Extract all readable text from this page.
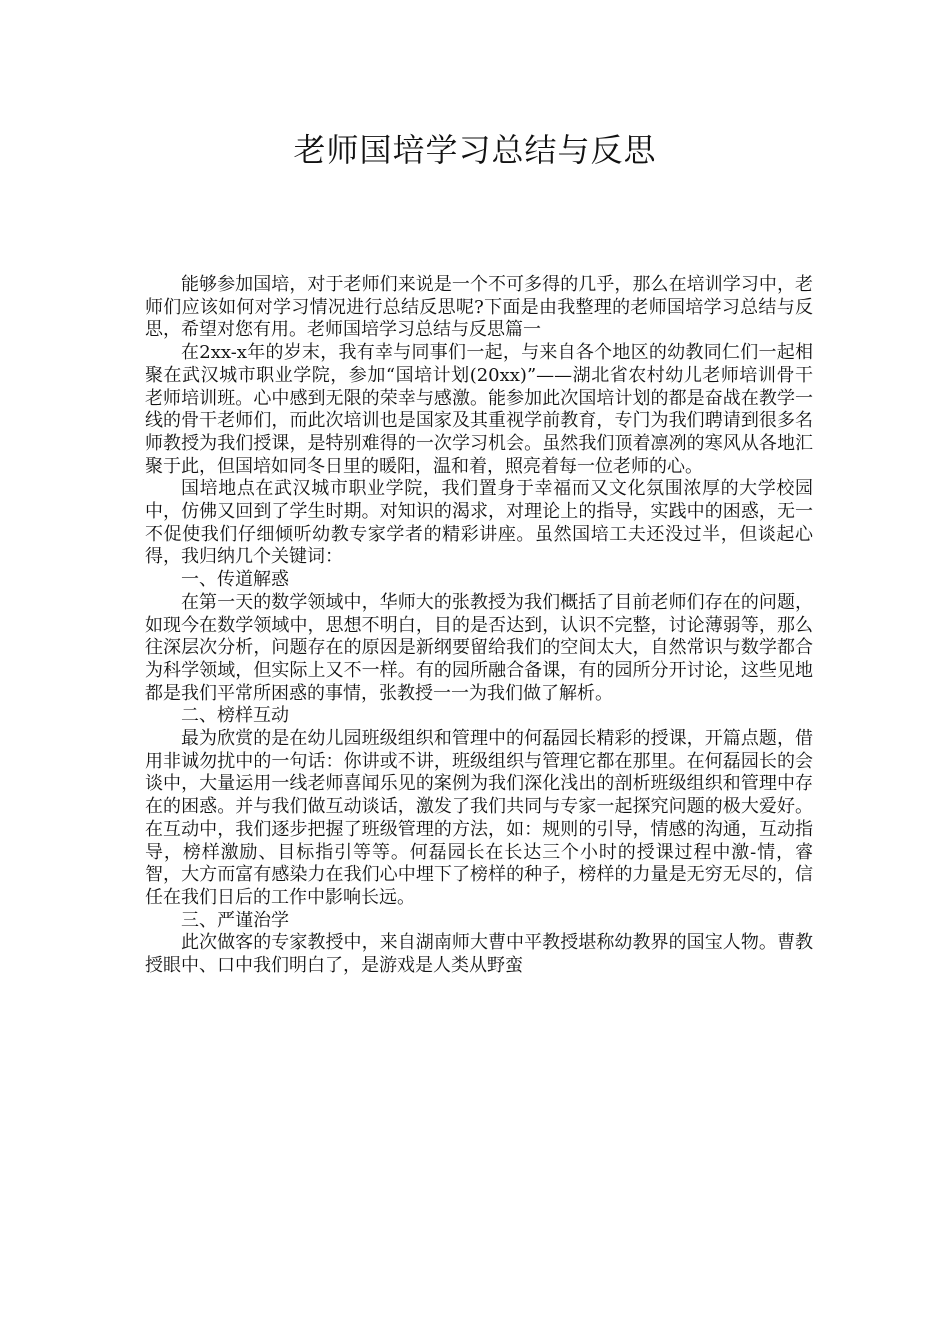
老师国培学习总结与反思

能够参加国培，对于老师们来说是一个不可多得的几乎，那么在培训学习中，老师们应该如何对学习情况进行总结反思呢?下面是由我整理的老师国培学习总结与反思，希望对您有用。老师国培学习总结与反思篇一

在2xx-x年的岁末，我有幸与同事们一起，与来自各个地区的幼教同仁们一起相聚在武汉城市职业学院，参加“国培计划(20xx)”——湖北省农村幼儿老师培训骨干老师培训班。心中感到无限的荣幸与感激。能参加此次国培计划的都是奋战在教学一线的骨干老师们，而此次培训也是国家及其重视学前教育，专门为我们聘请到很多名师教授为我们授课，是特别难得的一次学习机会。虽然我们顶着凛冽的寒风从各地汇聚于此，但国培如同冬日里的暖阳，温和着，照亮着每一位老师的心。

国培地点在武汉城市职业学院，我们置身于幸福而又文化氛围浓厚的大学校园中，仿佛又回到了学生时期。对知识的渴求，对理论上的指导，实践中的困惑，无一不促使我们仔细倾听幼教专家学者的精彩讲座。虽然国培工夫还没过半，但谈起心得，我归纳几个关键词：

一、传道解惑

在第一天的数学领域中，华师大的张教授为我们概括了目前老师们存在的问题，如现今在数学领域中，思想不明白，目的是否达到，认识不完整，讨论薄弱等，那么往深层次分析，问题存在的原因是新纲要留给我们的空间太大，自然常识与数学都合为科学领域，但实际上又不一样。有的园所融合备课，有的园所分开讨论，这些见地都是我们平常所困惑的事情，张教授一一为我们做了解析。

二、榜样互动

最为欣赏的是在幼儿园班级组织和管理中的何磊园长精彩的授课，开篇点题，借用非诚勿扰中的一句话：你讲或不讲，班级组织与管理它都在那里。在何磊园长的会谈中，大量运用一线老师喜闻乐见的案例为我们深化浅出的剖析班级组织和管理中存在的困惑。并与我们做互动谈话，激发了我们共同与专家一起探究问题的极大爱好。在互动中，我们逐步把握了班级管理的方法，如：规则的引导，情感的沟通，互动指导，榜样激励、目标指引等等。何磊园长在长达三个小时的授课过程中激-情，睿智，大方而富有感染力在我们心中埋下了榜样的种子，榜样的力量是无穷无尽的，信任在我们日后的工作中影响长远。

三、严谨治学

此次做客的专家教授中，来自湖南师大曹中平教授堪称幼教界的国宝人物。曹教授眼中、口中我们明白了，是游戏是人类从野蛮
